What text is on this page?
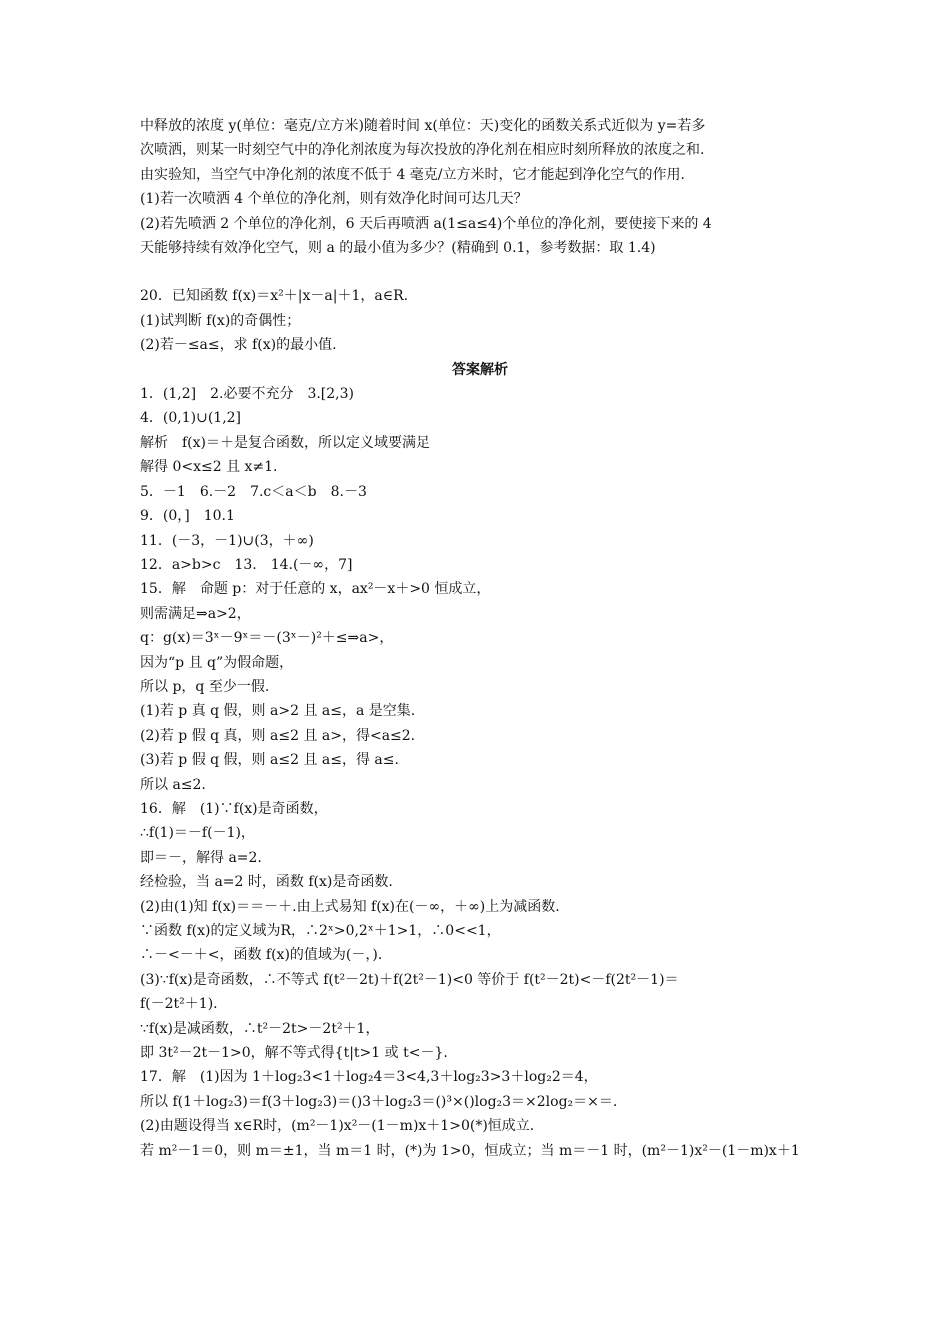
中释放的浓度 y(单位：毫克/立方米)随着时间 x(单位：天)变化的函数关系式近似为 y=若多
次喷洒，则某一时刻空气中的净化剂浓度为每次投放的净化剂在相应时刻所释放的浓度之和.
由实验知，当空气中净化剂的浓度不低于 4 毫克/立方米时，它才能起到净化空气的作用.
(1)若一次喷洒 4 个单位的净化剂，则有效净化时间可达几天？
(2)若先喷洒 2 个单位的净化剂，6 天后再喷洒 a(1≤a≤4)个单位的净化剂，要使接下来的 4
天能够持续有效净化空气，则 a 的最小值为多少？(精确到 0.1，参考数据：取 1.4)
20．已知函数 f(x)＝x²＋|x－a|＋1，a∈R.
(1)试判断 f(x)的奇偶性；
(2)若－≤a≤，求 f(x)的最小值.
答案解析
1．(1,2]　2.必要不充分　3.[2,3)
4．(0,1)∪(1,2]
解析　f(x)＝＋是复合函数，所以定义域要满足
解得 0<x≤2 且 x≠1.
5．－1　6.－2　7.c＜a＜b　8.－3
9．(0，]　10.1
11．(－3，－1)∪(3，＋∞)
12．a>b>c　13.　14.(－∞，7]
15．解　命题 p：对于任意的 x，ax²－x＋>0 恒成立，
则需满足⇒a>2，
q：g(x)＝3ˣ－9ˣ＝－(3ˣ－)²＋≤⇒a>，
因为“p 且 q”为假命题，
所以 p，q 至少一假.
(1)若 p 真 q 假，则 a>2 且 a≤，a 是空集.
(2)若 p 假 q 真，则 a≤2 且 a>，得<a≤2.
(3)若 p 假 q 假，则 a≤2 且 a≤，得 a≤.
所以 a≤2.
16．解　(1)∵f(x)是奇函数，
∴f(1)＝－f(－1)，
即＝－，解得 a=2.
经检验，当 a=2 时，函数 f(x)是奇函数.
(2)由(1)知 f(x)＝＝－＋.由上式易知 f(x)在(－∞，＋∞)上为减函数.
∵函数 f(x)的定义域为R，∴2ˣ>0,2ˣ＋1>1，∴0<<1，
∴－<－＋<，函数 f(x)的值域为(－，).
(3)∵f(x)是奇函数，∴不等式 f(t²－2t)＋f(2t²－1)<0 等价于 f(t²－2t)<－f(2t²－1)＝
f(－2t²＋1).
∵f(x)是减函数，∴t²－2t>－2t²＋1，
即 3t²－2t－1>0，解不等式得{t|t>1 或 t<－}.
17．解　(1)因为 1＋log₂3<1＋log₂4＝3<4,3＋log₂3>3＋log₂2＝4，
所以 f(1＋log₂3)＝f(3＋log₂3)＝()3＋log₂3＝()³×()log₂3＝×2log₂＝×＝.
(2)由题设得当 x∈R时，(m²－1)x²－(1－m)x＋1>0(*)恒成立.
若 m²－1＝0，则 m＝±1，当 m＝1 时，(*)为 1>0，恒成立；当 m＝－1 时，(m²－1)x²－(1－m)x＋1
